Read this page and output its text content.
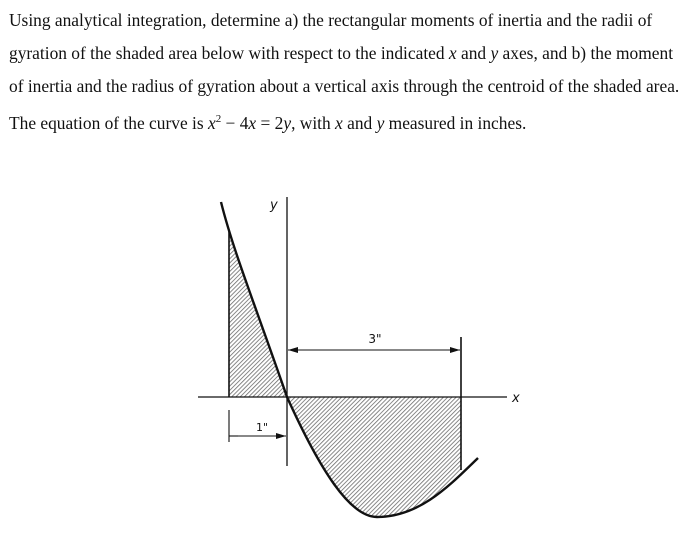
Using analytical integration, determine a) the rectangular moments of inertia and the radii of
gyration of the shaded area below with respect to the indicated x and y axes, and b) the moment
of inertia and the radius of gyration about a vertical axis through the centroid of the shaded area.
The equation of the curve is $x^2 - 4x = 2y$, with x and y measured in inches.

3"
1"
y
x
